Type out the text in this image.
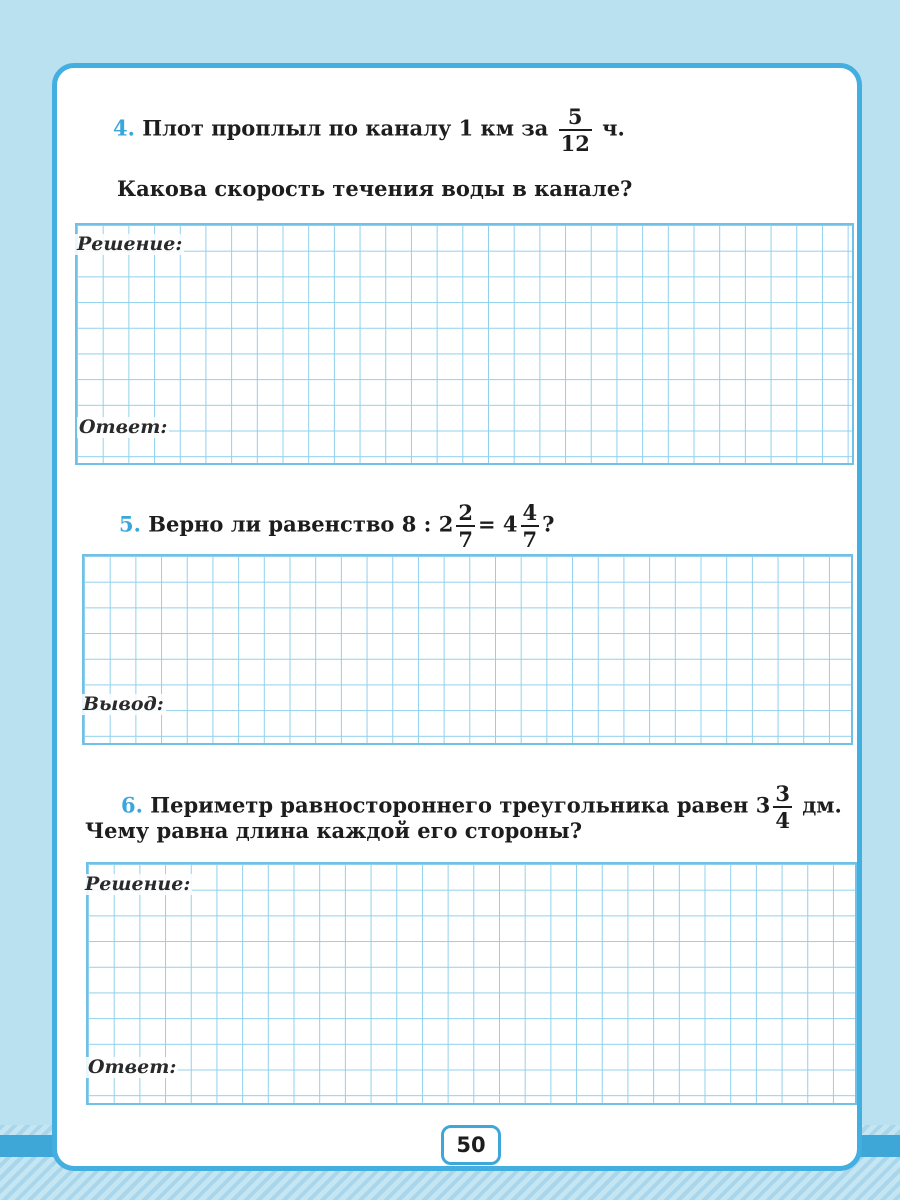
4. Плот проплыл по каналу 1 км за $\frac{5}{12} ч$.
Какова скорость течения воды в канале?
Решение:
Ответ:
5. Верно ли равенство 8 : $2 \frac{2}{7} = 4 \frac{4}{7}$ ?
Вывод:
6. Периметр равностороннего треугольника равен $3 \frac{3}{4}$ дм.
Чему равна длина каждой его стороны?
Решение:
Ответ:
50
